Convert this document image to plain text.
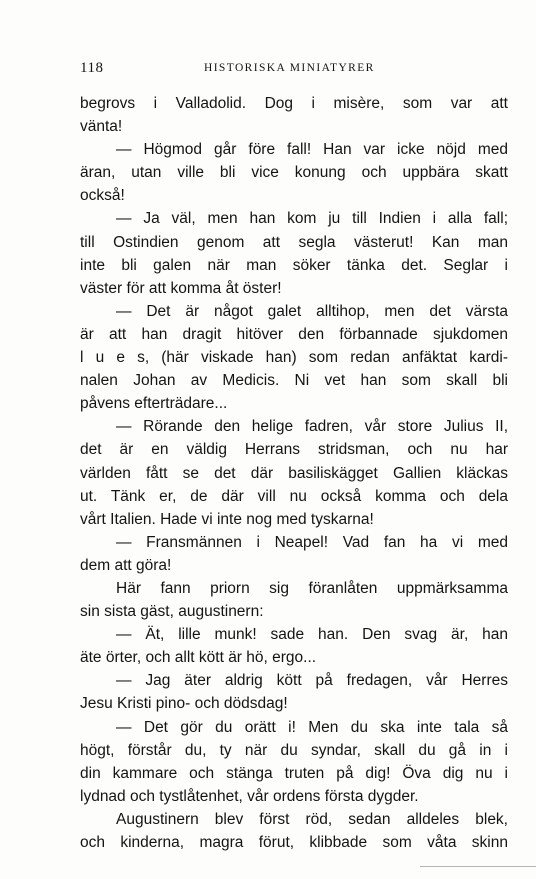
118	HISTORISKA MINIATYRER
begrovs i Valladolid. Dog i misère, som var att
vänta!
— Högmod går före fall! Han var icke nöjd med
äran, utan ville bli vice konung och uppbära skatt
också!
— Ja väl, men han kom ju till Indien i alla fall;
till Ostindien genom att segla västerut! Kan man
inte bli galen när man söker tänka det. Seglar i
väster för att komma åt öster!
— Det är något galet alltihop, men det värsta
är att han dragit hitöver den förbannade sjukdomen
l u e s, (här viskade han) som redan anfäktat kardi-
nalen Johan av Medicis. Ni vet han som skall bli
påvens efterträdare...
— Rörande den helige fadren, vår store Julius II,
det är en väldig Herrans stridsman, och nu har
världen fått se det där basiliskägget Gallien kläckas
ut. Tänk er, de där vill nu också komma och dela
vårt Italien. Hade vi inte nog med tyskarna!
— Fransmännen i Neapel! Vad fan ha vi med
dem att göra!
Här fann priorn sig föranlåten uppmärksamma
sin sista gäst, augustinern:
— Ät, lille munk! sade han. Den svag är, han
äte örter, och allt kött är hö, ergo...
— Jag äter aldrig kött på fredagen, vår Herres
Jesu Kristi pino- och dödsdag!
— Det gör du orätt i! Men du ska inte tala så
högt, förstår du, ty när du syndar, skall du gå in i
din kammare och stänga truten på dig! Öva dig nu i
lydnad och tystlåtenhet, vår ordens första dygder.
Augustinern blev först röd, sedan alldeles blek,
och kinderna, magra förut, klibbade som våta skinn
